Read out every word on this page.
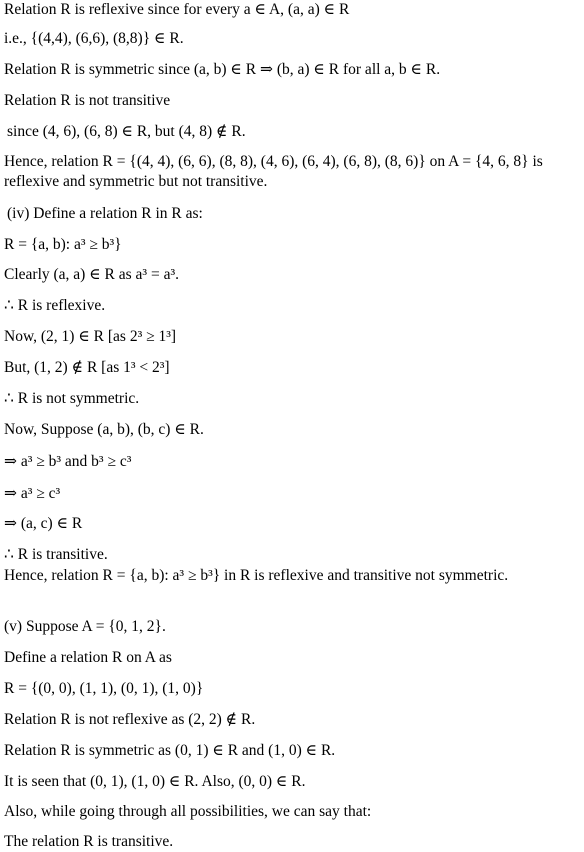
Relation R is reflexive since for every a ∈ A, (a, a) ∈ R
i.e., {(4,4), (6,6), (8,8)} ∈ R.
Relation R is symmetric since (a, b) ∈ R ⇒ (b, a) ∈ R for all a, b ∈ R.
Relation R is not transitive
since (4, 6), (6, 8) ∈ R, but (4, 8) ∉ R.
Hence, relation R = {(4, 4), (6, 6), (8, 8), (4, 6), (6, 4), (6, 8), (8, 6)} on A = {4, 6, 8} is reflexive and symmetric but not transitive.
(iv) Define a relation R in R as:
R = {a, b): a³ ≥ b³}
Clearly (a, a) ∈ R as a³ = a³.
∴ R is reflexive.
Now, (2, 1) ∈ R [as 2³ ≥ 1³]
But, (1, 2) ∉ R [as 1³ < 2³]
∴ R is not symmetric.
Now, Suppose (a, b), (b, c) ∈ R.
⇒ a³ ≥ b³ and b³ ≥ c³
⇒ a³ ≥ c³
⇒ (a, c) ∈ R
∴ R is transitive.
Hence, relation R = {a, b): a³ ≥ b³} in R is reflexive and transitive not symmetric.
(v) Suppose A = {0, 1, 2}.
Define a relation R on A as
R = {(0, 0), (1, 1), (0, 1), (1, 0)}
Relation R is not reflexive as (2, 2) ∉ R.
Relation R is symmetric as (0, 1) ∈ R and (1, 0) ∈ R.
It is seen that (0, 1), (1, 0) ∈ R. Also, (0, 0) ∈ R.
Also, while going through all possibilities, we can say that:
The relation R is transitive.
